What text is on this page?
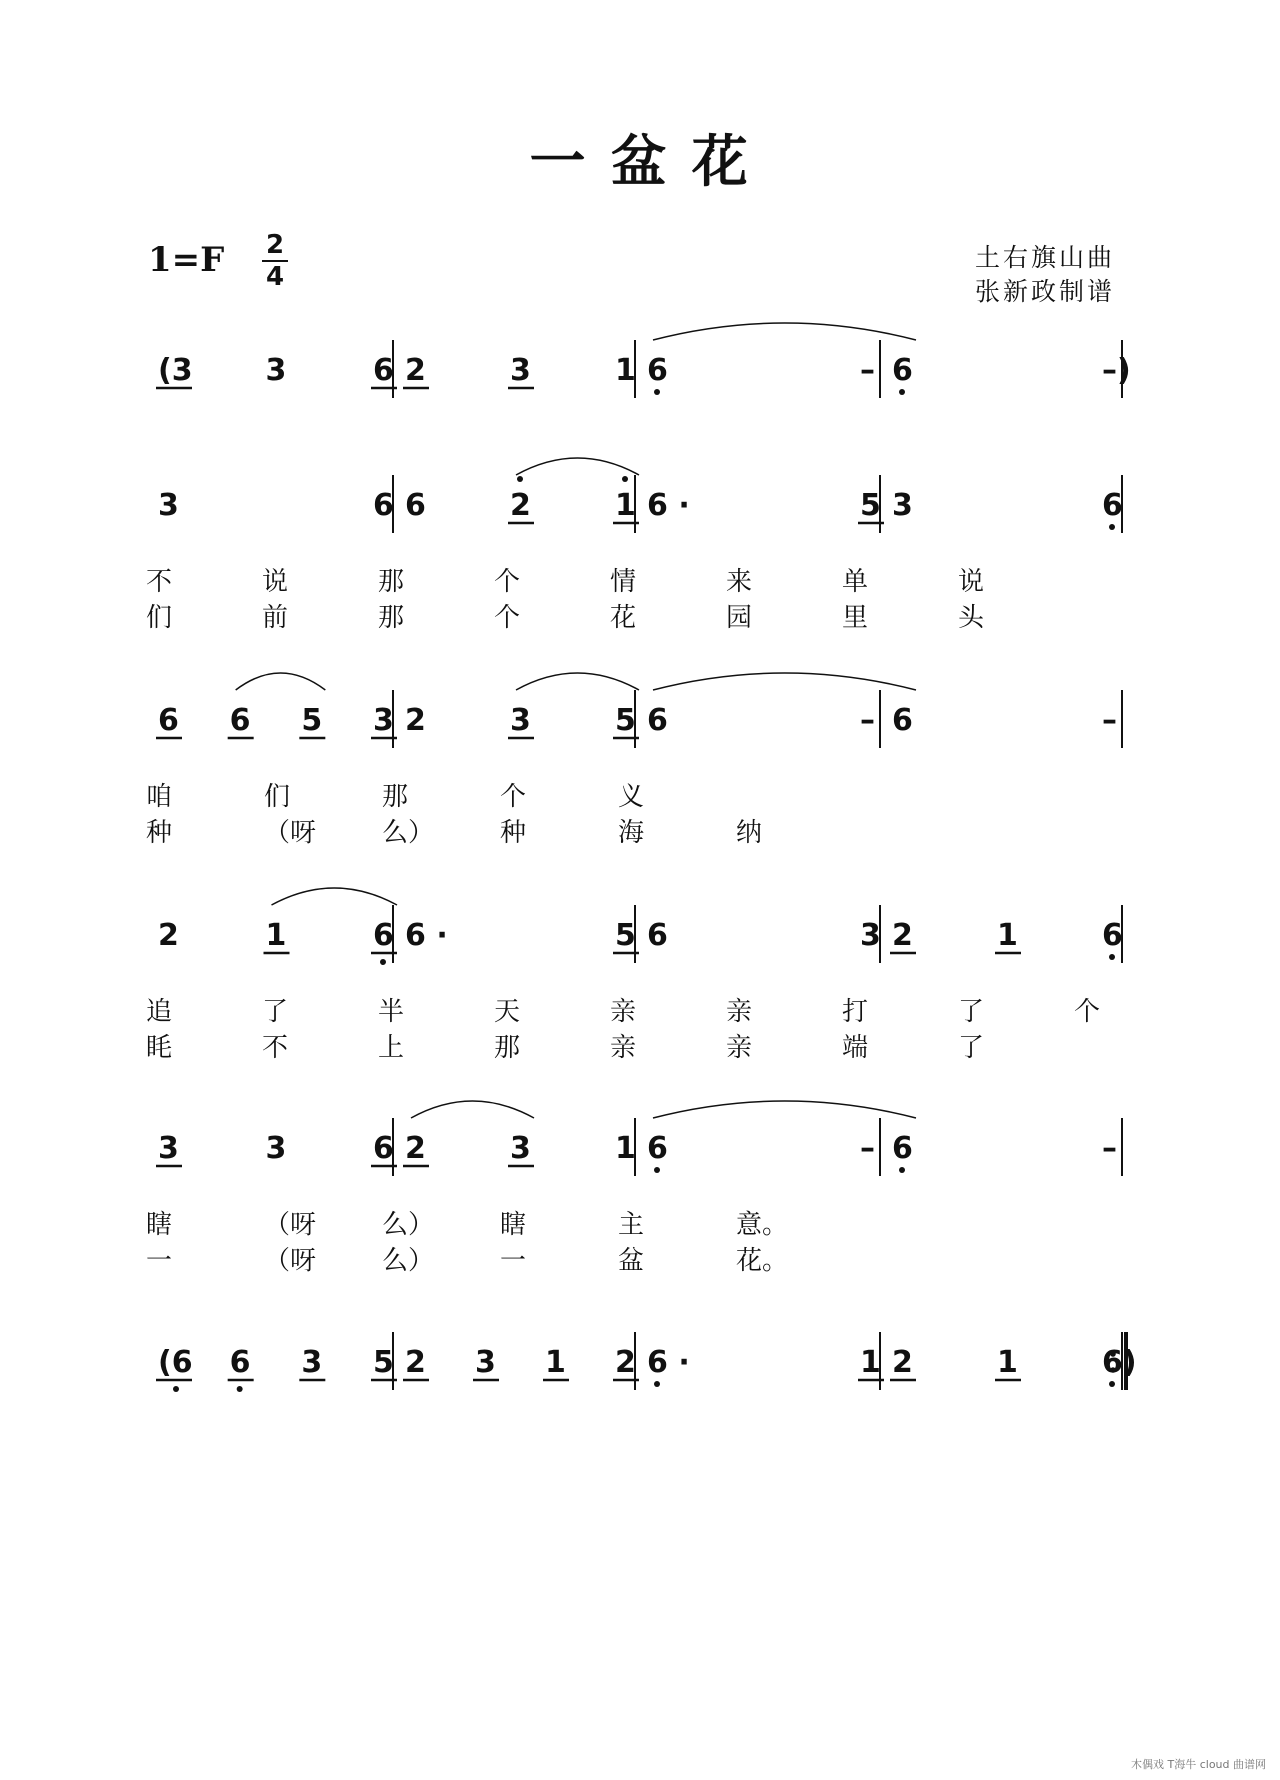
一 盆 花
1=F 2
4
土右旗山曲
张新政制谱
(3 3	6 2	3	1 6	– 6	–)
3	6 6	2	1 6 ·	5 3	6
不	说	那	个	情	来	单	说
们	前	那	个	花	园	里	头
6 6 5 3 2	3	5 6	– 6	–
咱	们	那	个	义
种	（呀	么）	种	海	纳
2	1	6 6 ·	5 6	3 2	1	6
追	了	半	天	亲	亲	打	了	个
眊	不	上	那	亲	亲	端	了
3	3	6 2	3	1 6	– 6	–
瞎	（呀	么）	瞎	主	意。
一	（呀	么）	一	盆	花。
(6 6 3 5 2 3 1 2 6 ·	1 2	1	6)
木偶戏 T海牛 cloud 曲谱网
